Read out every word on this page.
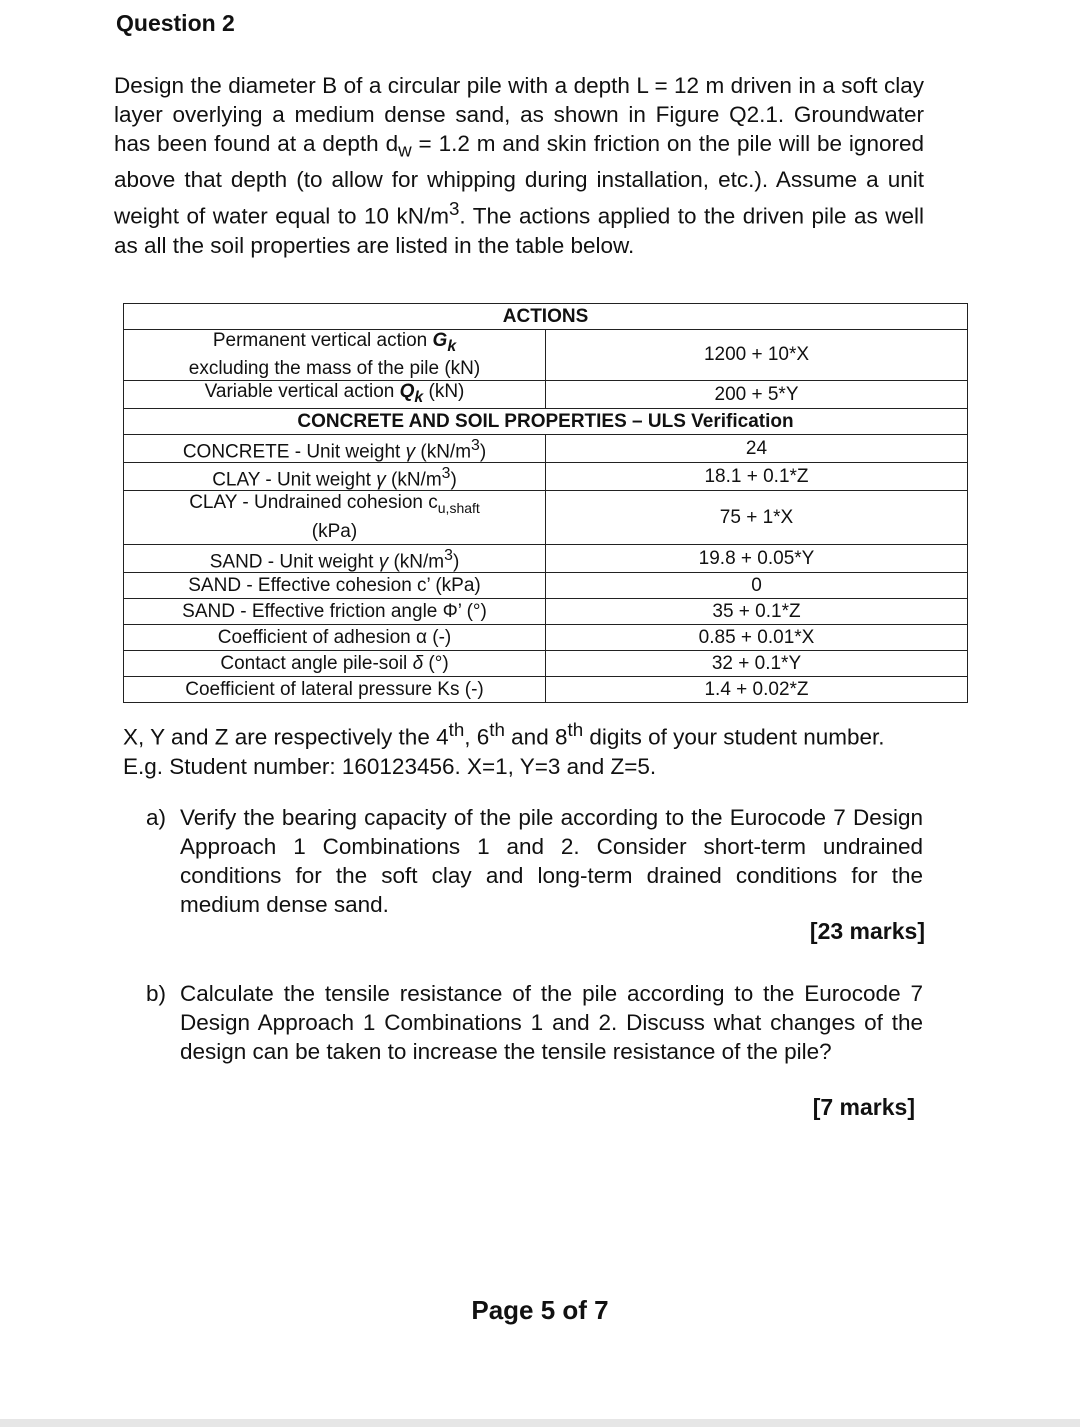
Question 2

Design the diameter B of a circular pile with a depth L = 12 m driven in a soft clay layer overlying a medium dense sand, as shown in Figure Q2.1. Groundwater has been found at a depth $d_w = 1.2$ m and skin friction on the pile will be ignored above that depth (to allow for whipping during installation, etc.). Assume a unit weight of water equal to 10 $kN/m^3$. The actions applied to the driven pile as well as all the soil properties are listed in the table below.

ACTIONS	
Permanent vertical action $G_k$
excluding the mass of the pile (kN)	1200 + 10*X
Variable vertical action $Q_k$ (kN)	200 + 5*Y
CONCRETE AND SOIL PROPERTIES – ULS Verification	
CONCRETE - Unit weight γ $(kN/m^3)$	24
CLAY - Unit weight γ $(kN/m^3)$	18.1 + 0.1*Z
CLAY - Undrained cohesion $c_{u,shaft}$
(kPa)	75 + 1*X
SAND - Unit weight γ $(kN/m^3)$	19.8 + 0.05*Y
SAND - Effective cohesion c’ (kPa)	0
SAND - Effective friction angle Φ’ (°)	35 + 0.1*Z
Coefficient of adhesion α (-)	0.85 + 0.01*X
Contact angle pile-soil δ (°)	32 + 0.1*Y
Coefficient of lateral pressure Ks (-)	1.4 + 0.02*Z

X, Y and Z are respectively the 4th, 6th and 8th digits of your student number. E.g. Student number: 160123456. X=1, Y=3 and Z=5.

a) Verify the bearing capacity of the pile according to the Eurocode 7 Design Approach 1 Combinations 1 and 2. Consider short-term undrained conditions for the soft clay and long-term drained conditions for the medium dense sand.

[23 marks]

b) Calculate the tensile resistance of the pile according to the Eurocode 7 Design Approach 1 Combinations 1 and 2. Discuss what changes of the design can be taken to increase the tensile resistance of the pile?

[7 marks]

Page 5 of 7
